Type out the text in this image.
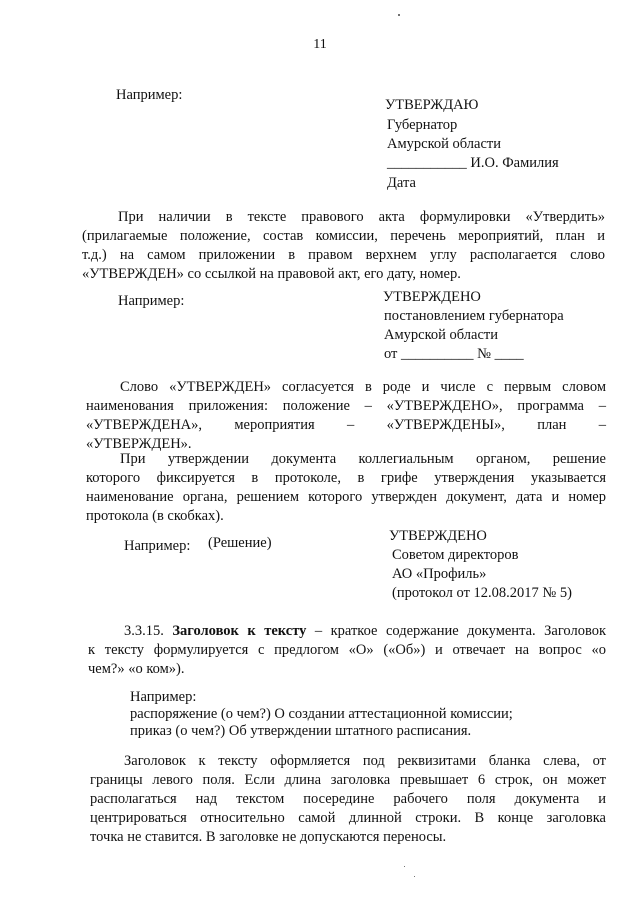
11
Например:
УТВЕРЖДАЮ
Губернатор
Амурской области
___________ И.О. Фамилия
Дата
При наличии в тексте правового акта формулировки «Утвердить»
(прилагаемые положение, состав комиссии, перечень мероприятий, план и
т.д.) на самом приложении в правом верхнем углу располагается слово
«УТВЕРЖДЕН» со ссылкой на правовой акт, его дату, номер.
Например:	УТВЕРЖДЕНО
постановлением губернатора
Амурской области
от __________ № ____
Слово «УТВЕРЖДЕН» согласуется в роде и числе с первым словом
наименования приложения: положение – «УТВЕРЖДЕНО», программа –
«УТВЕРЖДЕНА», мероприятия – «УТВЕРЖДЕНЫ», план –
«УТВЕРЖДЕН».
При утверждении документа коллегиальным органом, решение
которого фиксируется в протоколе, в грифе утверждения указывается
наименование органа, решением которого утвержден документ, дата и номер
протокола (в скобках).
Например: (Решение)	УТВЕРЖДЕНО
Советом директоров
АО «Профиль»
(протокол от 12.08.2017 № 5)
3.3.15. Заголовок к тексту – краткое содержание документа. Заголовок
к тексту формулируется с предлогом «О» («Об») и отвечает на вопрос «о
чем?» «о ком»).
Например:
распоряжение (о чем?) О создании аттестационной комиссии;
приказ (о чем?) Об утверждении штатного расписания.
Заголовок к тексту оформляется под реквизитами бланка слева, от
границы левого поля. Если длина заголовка превышает 6 строк, он может
располагаться над текстом посередине рабочего поля документа и
центрироваться относительно самой длинной строки. В конце заголовка
точка не ставится. В заголовке не допускаются переносы.
